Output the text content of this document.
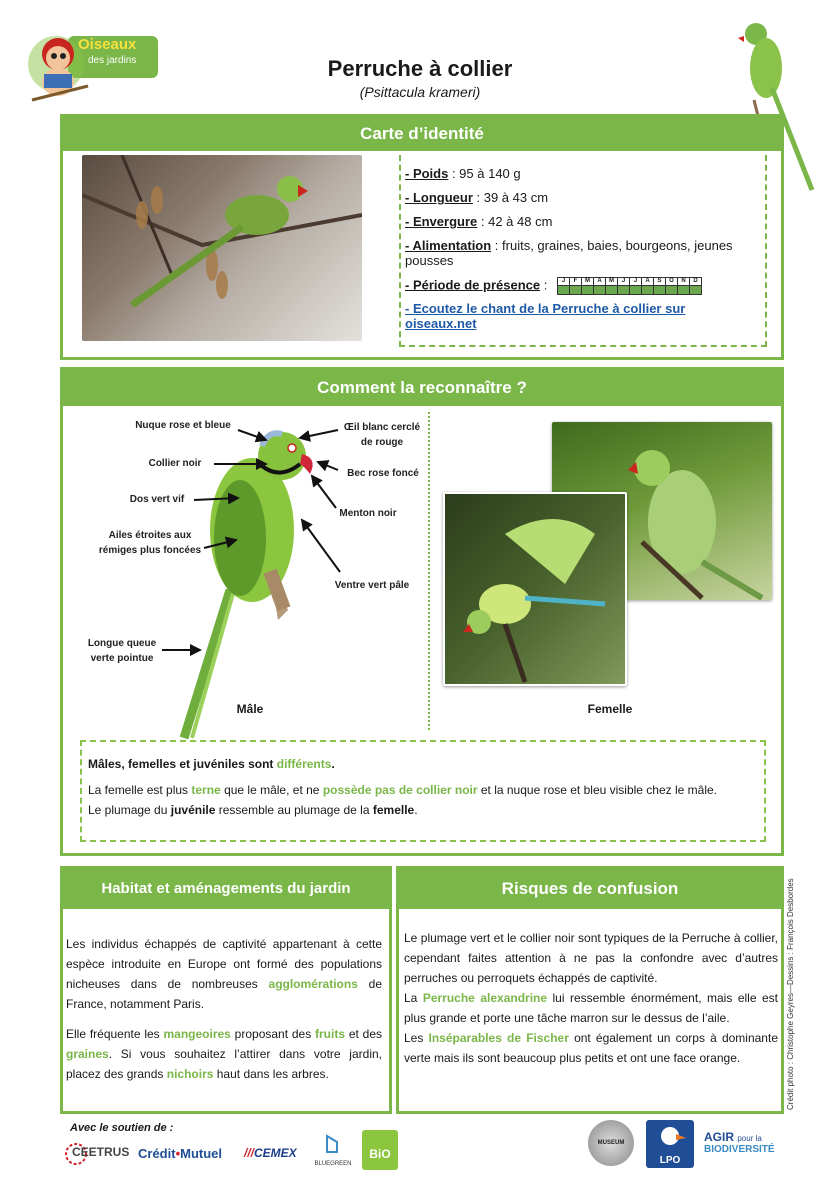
Oiseaux
des jardins	Perruche à collier
(Psittacula krameri)
Carte d’identité
- Poids : 95 à 140 g
- Longueur : 39 à 43 cm
- Envergure : 42 à 48 cm
- Alimentation : fruits, graines, baies, bourgeons, jeunes pousses
- Période de présence : J	F	M	A	M	J	J	A	S	O	N	D

- Ecoutez le chant de la Perruche à collier sur oiseaux.net
Comment la reconnaître ?
Nuque rose et bleue
Collier noir
Dos vert vif
Ailes étroites aux rémiges plus foncées
Longue queue verte pointue
Œil blanc cerclé de rouge
Bec rose foncé
Menton noir
Ventre vert pâle
Mâle	Femelle
Mâles, femelles et juvéniles sont différents.
La femelle est plus terne que le mâle, et ne possède pas de collier noir et la nuque rose et bleu visible chez le mâle.
Le plumage du juvénile ressemble au plumage de la femelle.
Habitat et aménagements du jardin

Les individus échappés de captivité appartenant à cette espèce introduite en Europe ont formé des populations nicheuses dans de nombreuses agglomérations de France, notamment Paris.

Elle fréquente les mangeoires proposant des fruits et des graines. Si vous souhaitez l’attirer dans votre jardin, placez des grands nichoirs haut dans les arbres.

Risques de confusion

Le plumage vert et le collier noir sont typiques de la Perruche à collier, cependant faites attention à ne pas la confondre avec d’autres perruches ou perroquets échappés de captivité.

La Perruche alexandrine lui ressemble énormément, mais elle est plus grande et porte une tâche marron sur le dessus de l’aile.

Les Inséparables de Fischer ont également un corps à dominante verte mais ils sont beaucoup plus petits et ont une face orange.	Crédit photo : Christophe Geyres—Dessins : François Desbordes
Avec le soutien de :
CEETRUS Crédit•Mutuel ///CEMEX
BLUEGREEN
BiO
MUSEUM
LPO
AGIR pour la
BIODIVERSITÉ
